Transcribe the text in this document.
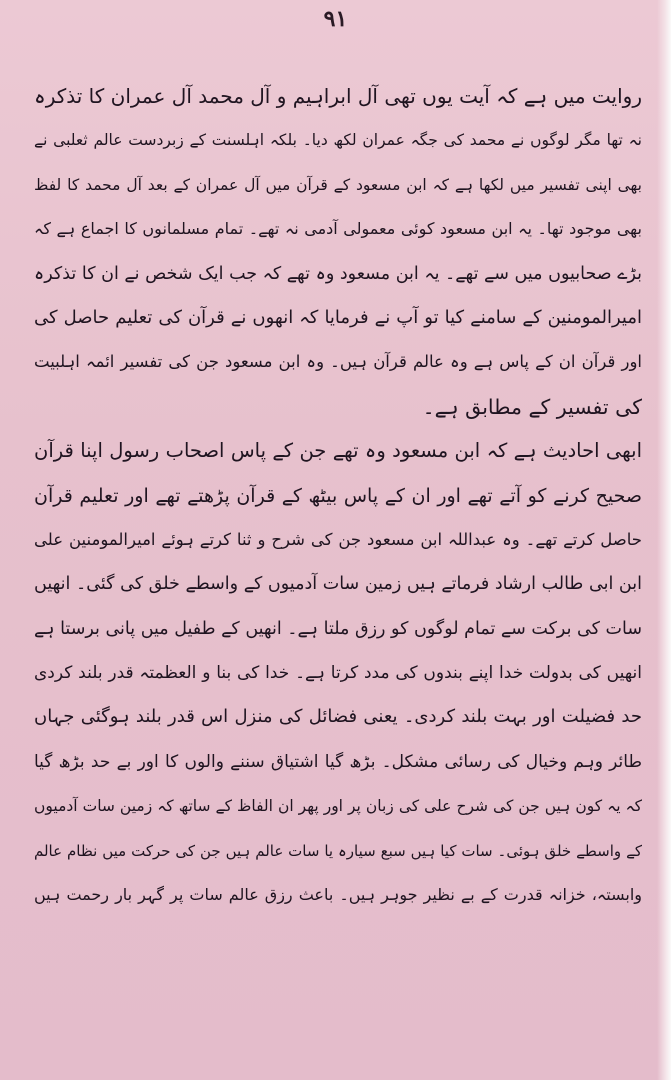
۹۱
روایت میں ہے کہ آیت یوں تھی آل ابراہیم و آل محمد آل عمران کا تذکرہ
نہ تھا مگر لوگوں نے محمد کی جگہ عمران لکھ دیا۔ بلکہ اہلسنت کے زبردست عالم ثعلبی نے
بھی اپنی تفسیر میں لکھا ہے کہ ابن مسعود کے قرآن میں آل عمران کے بعد آل محمد کا لفظ
بھی موجود تھا۔ یہ ابن مسعود کوئی معمولی آدمی نہ تھے۔ تمام مسلمانوں کا اجماع ہے کہ
بڑے صحابیوں میں سے تھے۔ یہ ابن مسعود وہ تھے کہ جب ایک شخص نے ان کا تذکرہ
امیرالمومنین کے سامنے کیا تو آپ نے فرمایا کہ انھوں نے قرآن کی تعلیم حاصل کی
اور قرآن ان کے پاس ہے وہ عالم قرآن ہیں۔ وہ ابن مسعود جن کی تفسیر ائمہ اہلبیت
کی تفسیر کے مطابق ہے۔
ابھی احادیث ہے کہ ابن مسعود وہ تھے جن کے پاس اصحاب رسول اپنا قرآن
صحیح کرنے کو آتے تھے اور ان کے پاس بیٹھ کے قرآن پڑھتے تھے اور تعلیم قرآن
حاصل کرتے تھے۔ وہ عبداللہ ابن مسعود جن کی شرح و ثنا کرتے ہوئے امیرالمومنین علی
ابن ابی طالب ارشاد فرماتے ہیں زمین سات آدمیوں کے واسطے خلق کی گئی۔ انھیں
سات کی برکت سے تمام لوگوں کو رزق ملتا ہے۔ انھیں کے طفیل میں پانی برستا ہے
انھیں کی بدولت خدا اپنے بندوں کی مدد کرتا ہے۔ خدا کی بنا و العظمتہ قدر بلند کردی
حد فضیلت اور بہت بلند کردی۔ یعنی فضائل کی منزل اس قدر بلند ہوگئی جہاں
طائر وہم وخیال کی رسائی مشکل۔ بڑھ گیا اشتیاق سننے والوں کا اور بے حد بڑھ گیا
کہ یہ کون ہیں جن کی شرح علی کی زبان پر اور پھر ان الفاظ کے ساتھ کہ زمین سات آدمیوں
کے واسطے خلق ہوئی۔ سات کیا ہیں سبع سیارہ یا سات عالم ہیں جن کی حرکت میں نظام عالم
وابستہ، خزانہ قدرت کے بے نظیر جوہر ہیں۔ باعث رزق عالم سات پر گہر بار رحمت ہیں
